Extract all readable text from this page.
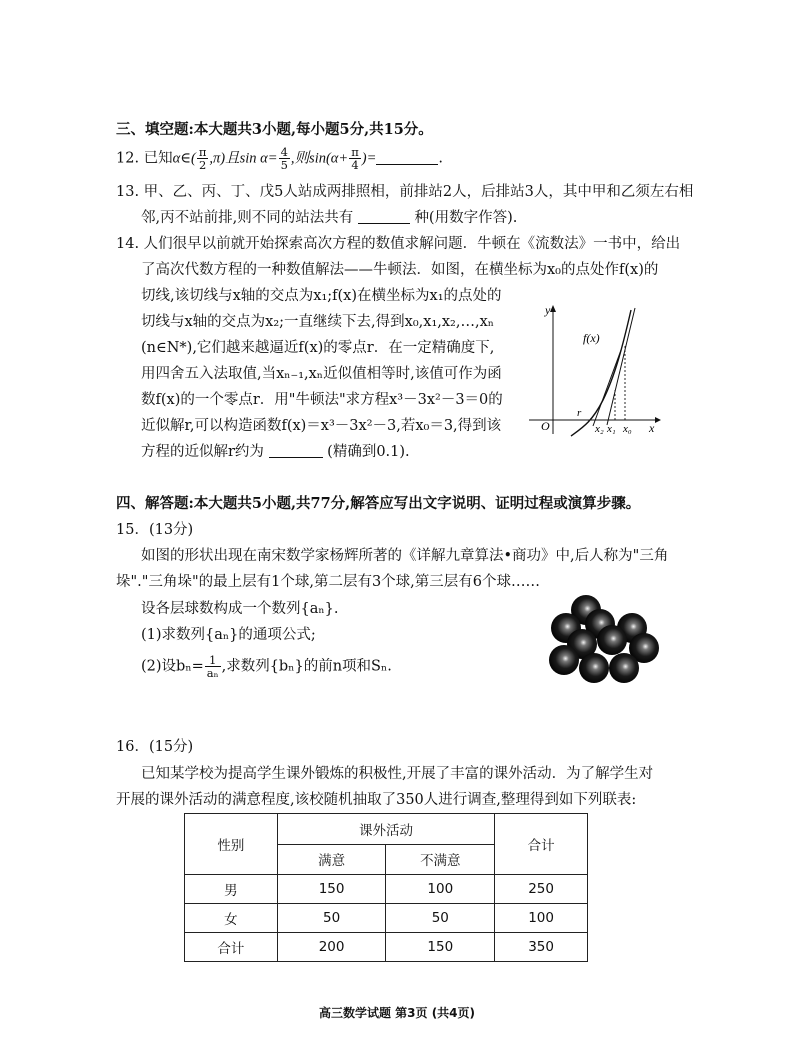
三、填空题:本大题共3小题,每小题5分,共15分。
12. 已知α∈( $\frac{\pi}{2} ,\pi$)且$\sin \alpha= \frac{4}{5}$ ,则$\sin(\alpha+ \frac{\pi}{4}$ )=	.
13. 甲、乙、丙、丁、戊5人站成两排照相，前排站2人，后排站3人，其中甲和乙须左右相
邻,丙不站前排,则不同的站法共有	种(用数字作答).
14. 人们很早以前就开始探索高次方程的数值求解问题．牛顿在《流数法》一书中，给出
了高次代数方程的一种数值解法——牛顿法．如图，在横坐标为x₀的点处作f(x)的
切线,该切线与x轴的交点为x₁;f(x)在横坐标为x₁的点处的
切线与x轴的交点为x₂;一直继续下去,得到x₀,x₁,x₂,…,xₙ
(n∈N*),它们越来越逼近f(x)的零点r．在一定精确度下,
用四舍五入法取值,当xₙ₋₁,xₙ近似值相等时,该值可作为函
数f(x)的一个零点r．用"牛顿法"求方程x³－3x²－3＝0的
近似解r,可以构造函数f(x)＝x³－3x²－3,若x₀＝3,得到该
方程的近似解r约为	(精确到0.1).
y
x
O
f(x)
r
x₂ x₁ x₀
四、解答题:本大题共5小题,共77分,解答应写出文字说明、证明过程或演算步骤。
15．(13分)
如图的形状出现在南宋数学家杨辉所著的《详解九章算法•商功》中,后人称为"三角
垛"."三角垛"的最上层有1个球,第二层有3个球,第三层有6个球……
设各层球数构成一个数列{aₙ}.
(1)求数列{aₙ}的通项公式;
(2)设$b_n= \frac{1}{\text{aₙ}}$ ,求数列{bₙ}的前n项和Sₙ.
16．(15分)
已知某学校为提高学生课外锻炼的积极性,开展了丰富的课外活动．为了解学生对
开展的课外活动的满意程度,该校随机抽取了350人进行调查,整理得到如下列联表:
性别	课外活动		合计
	满意	不满意	
男	150	100	250
女	50	50	100
合计	200	150	350
高三数学试题 第3页 (共4页)
